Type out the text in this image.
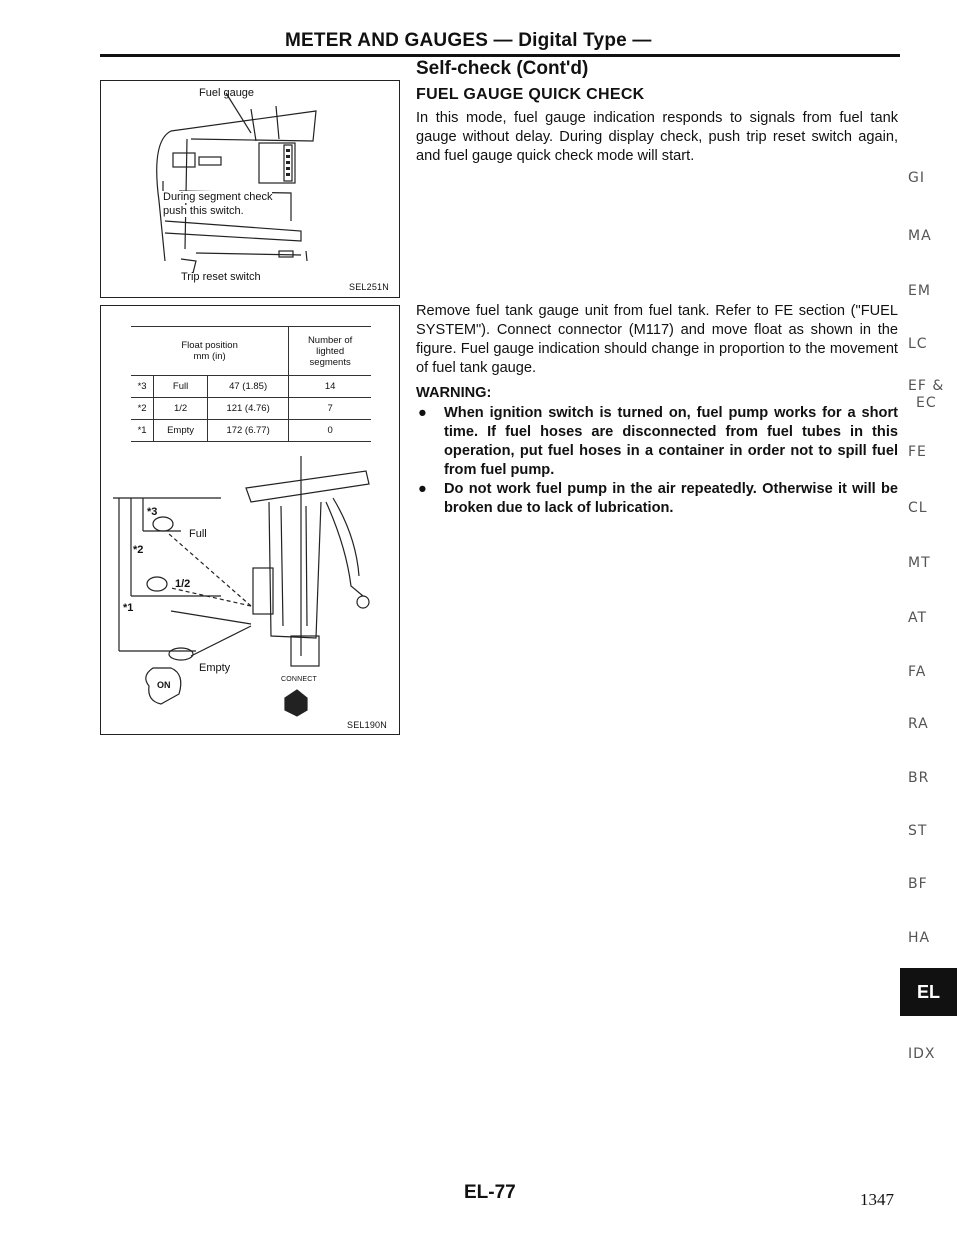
METER AND GAUGES — Digital Type —
Fuel gauge
During segment check
push this switch.
Trip reset switch
SEL251N
Float position
mm (in)			Number of
lighted
segments
*3	Full	47 (1.85)	14
*2	1/2	121 (4.76)	7
*1	Empty	172 (6.77)	0
*3
*2
*1
Full
1/2
Empty
ON
CONNECT
SEL190N
Self-check (Cont'd)
FUEL GAUGE QUICK CHECK
In this mode, fuel gauge indication responds to signals from fuel tank gauge without delay. During display check, push trip reset switch again, and fuel gauge quick check mode will start.
Remove fuel tank gauge unit from fuel tank. Refer to FE section ("FUEL SYSTEM"). Connect connector (M117) and move float as shown in the figure. Fuel gauge indication should change in proportion to the movement of fuel tank gauge.
WARNING:
● When ignition switch is turned on, fuel pump works for a short time. If fuel hoses are disconnected from fuel tubes in this operation, put fuel hoses in a container in order not to spill fuel from fuel pump.
● Do not work fuel pump in the air repeatedly. Otherwise it will be broken due to lack of lubrication.
GI
MA
EM
LC
EF &
EC
FE
CL
MT
AT
FA
RA
BR
ST
BF
HA
EL
IDX
EL-77	1347
